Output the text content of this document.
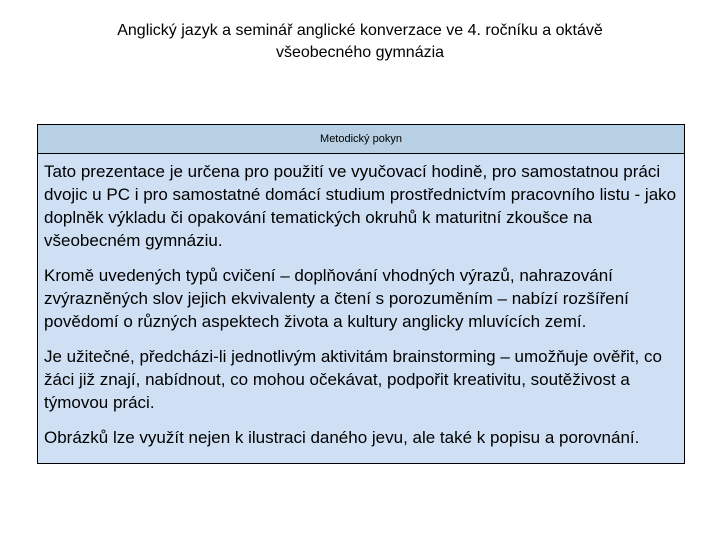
Anglický jazyk a seminář anglické konverzace ve 4. ročníku a oktávě
všeobecného gymnázia
Metodický pokyn

Tato prezentace je určena pro použití ve vyučovací hodině, pro samostatnou práci dvojic u PC i pro samostatné domácí studium prostřednictvím pracovního listu - jako doplněk výkladu či opakování tematických okruhů k maturitní zkoušce na všeobecném gymnáziu.

Kromě uvedených typů cvičení – doplňování vhodných výrazů, nahrazování zvýrazněných slov jejich ekvivalenty a čtení s porozuměním – nabízí rozšíření povědomí o různých aspektech života a kultury anglicky mluvících zemí.

Je užitečné, předcházi-li jednotlivým aktivitám brainstorming – umožňuje ověřit, co žáci již znají, nabídnout, co mohou očekávat, podpořit kreativitu, soutěživost a týmovou práci.

Obrázků lze využít nejen k ilustraci daného jevu, ale také k popisu a porovnání.
